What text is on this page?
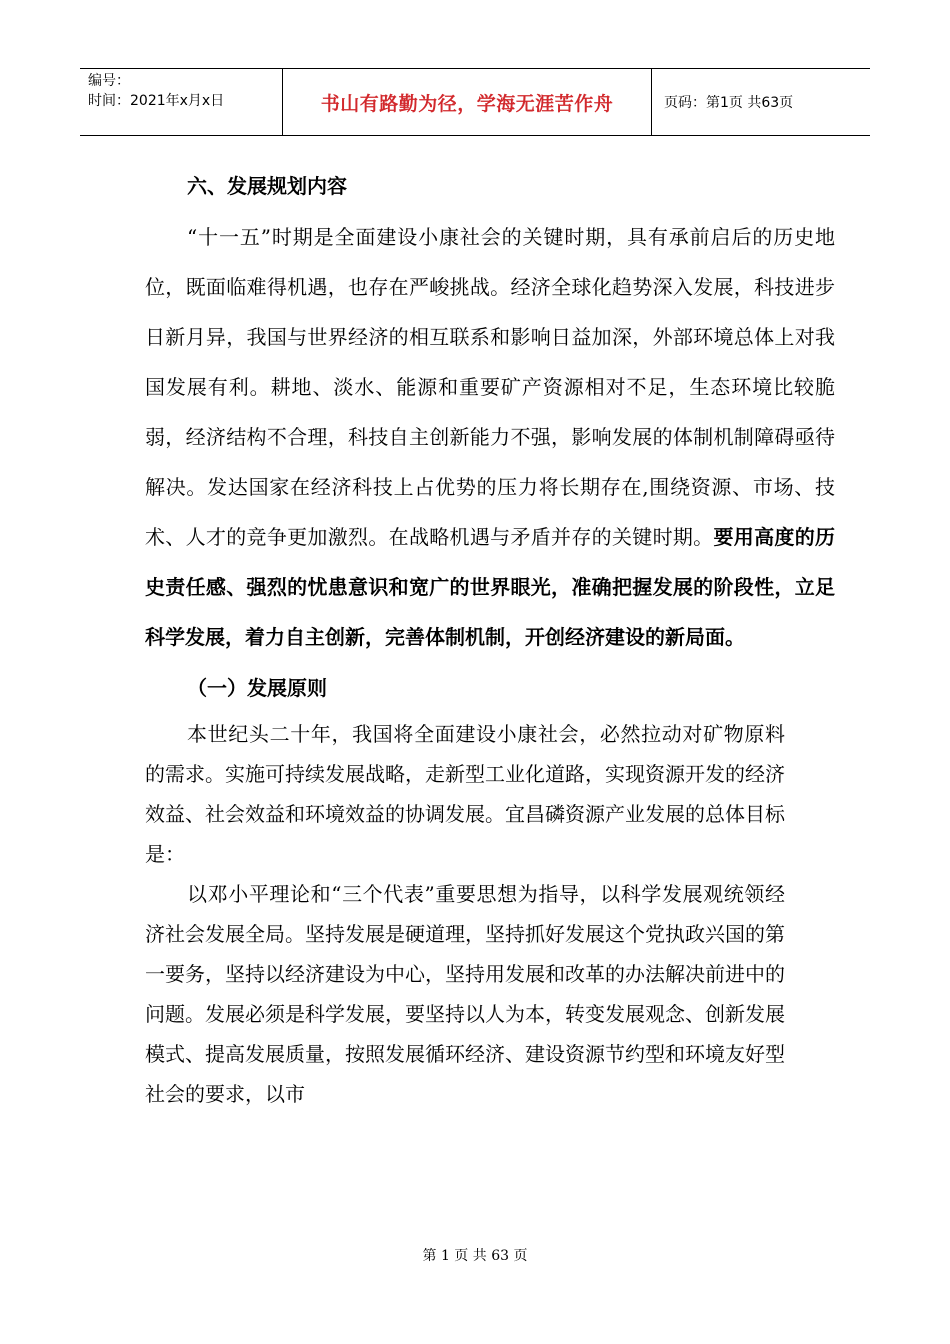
编号：
时间：2021年x月x日	书山有路勤为径，学海无涯苦作舟	页码：第1页 共63页
六、发展规划内容

“十一五”时期是全面建设小康社会的关键时期，具有承前启后的历史地位，既面临难得机遇，也存在严峻挑战。经济全球化趋势深入发展，科技进步日新月异，我国与世界经济的相互联系和影响日益加深，外部环境总体上对我国发展有利。耕地、淡水、能源和重要矿产资源相对不足，生态环境比较脆弱，经济结构不合理，科技自主创新能力不强，影响发展的体制机制障碍亟待解决。发达国家在经济科技上占优势的压力将长期存在,围绕资源、市场、技术、人才的竞争更加激烈。在战略机遇与矛盾并存的关键时期。要用高度的历史责任感、强烈的忧患意识和宽广的世界眼光，准确把握发展的阶段性，立足科学发展，着力自主创新，完善体制机制，开创经济建设的新局面。

（一）发展原则

本世纪头二十年，我国将全面建设小康社会，必然拉动对矿物原料的需求。实施可持续发展战略，走新型工业化道路，实现资源开发的经济效益、社会效益和环境效益的协调发展。宜昌磷资源产业发展的总体目标是：

以邓小平理论和“三个代表”重要思想为指导，以科学发展观统领经济社会发展全局。坚持发展是硬道理，坚持抓好发展这个党执政兴国的第一要务，坚持以经济建设为中心，坚持用发展和改革的办法解决前进中的问题。发展必须是科学发展，要坚持以人为本，转变发展观念、创新发展模式、提高发展质量，按照发展循环经济、建设资源节约型和环境友好型社会的要求，以市

第 1 页 共 63 页
